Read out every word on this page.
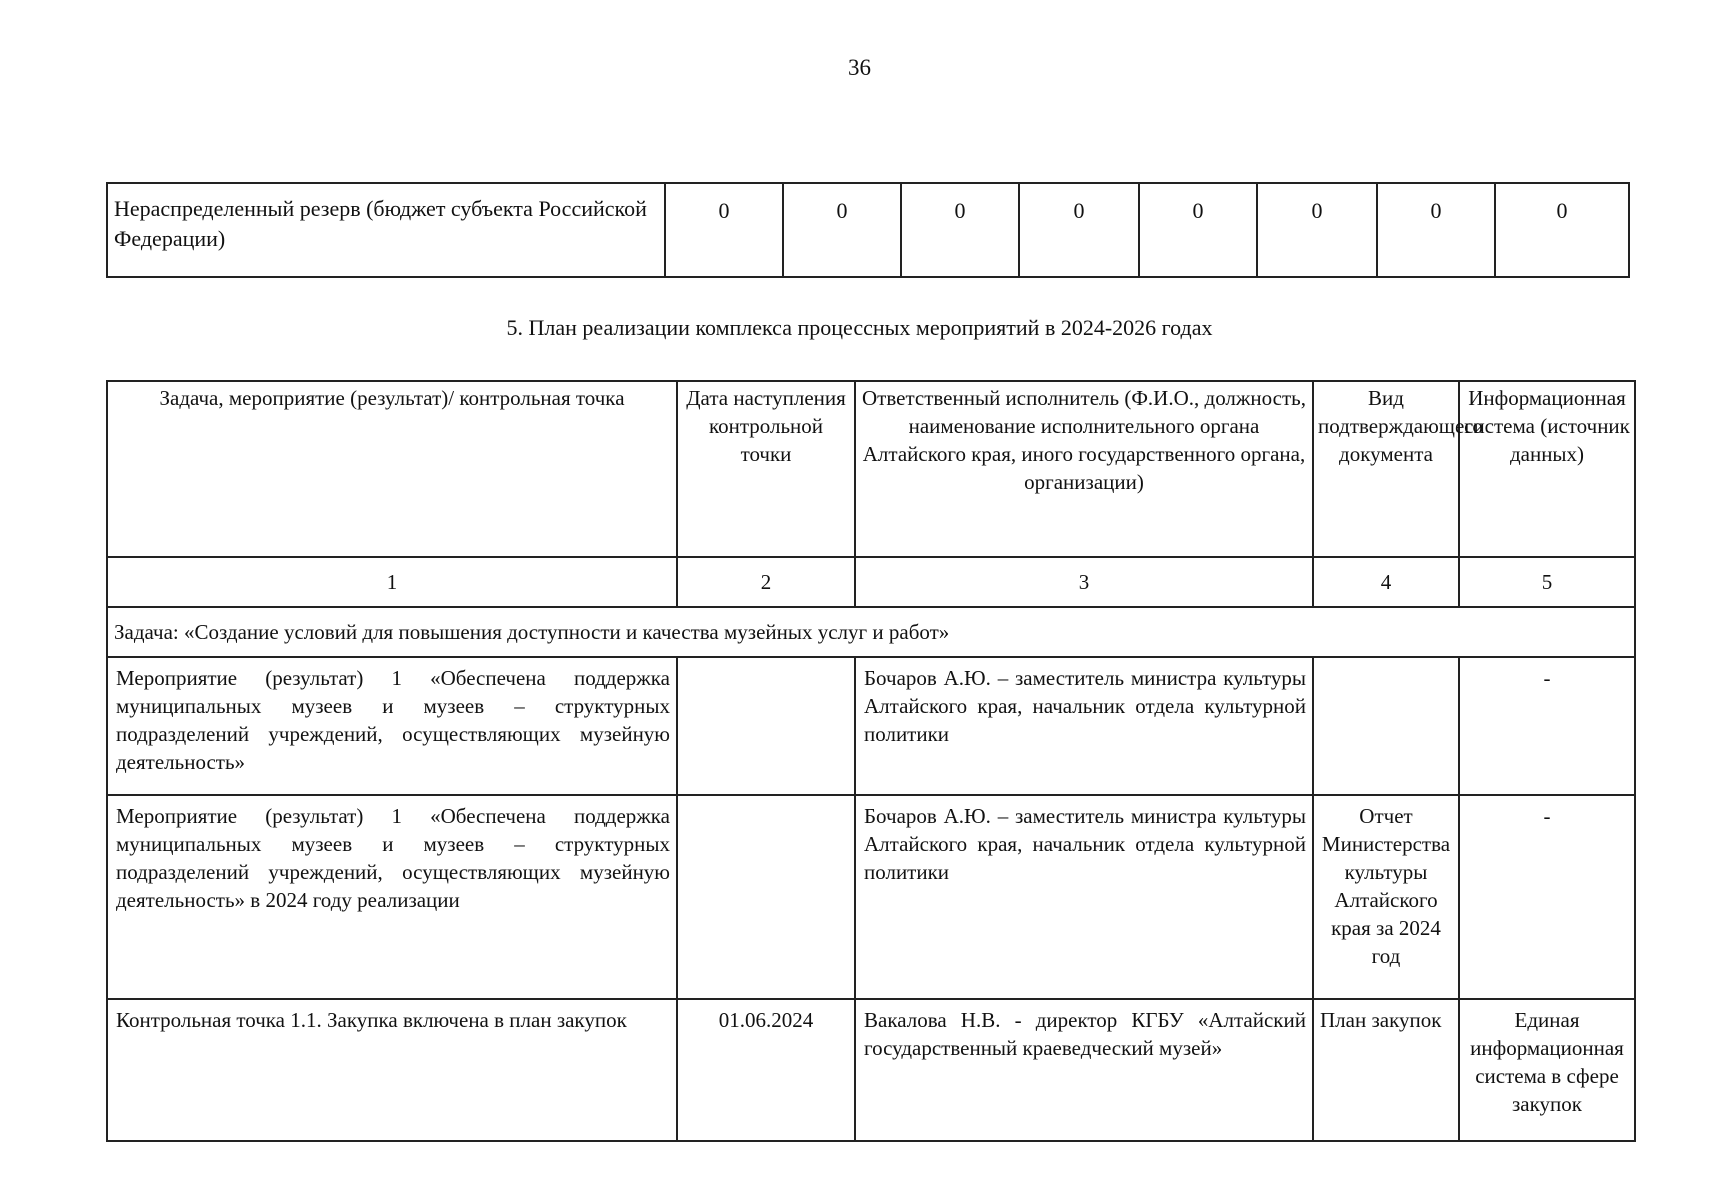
36
Нераспределенный резерв (бюджет субъекта Российской Федерации)	0	0	0	0	0	0	0	0
5. План реализации комплекса процессных мероприятий в 2024-2026 годах
Задача, мероприятие (результат)/ контрольная точка	Дата наступления контрольной точки	Ответственный исполнитель (Ф.И.О., должность, наименование исполнительного органа Алтайского края, иного государственного органа, организации)	Вид подтверждающего документа	Информационная система (источник данных)
1	2	3	4	5
Задача: «Создание условий для повышения доступности и качества музейных услуг и работ»				
Мероприятие (результат) 1 «Обеспечена поддержка муниципальных музеев и музеев – структурных подразделений учреждений, осуществляющих музейную деятельность»		Бочаров А.Ю. – заместитель министра культуры Алтайского края, начальник отдела культурной политики		-
Мероприятие (результат) 1 «Обеспечена поддержка муниципальных музеев и музеев – структурных подразделений учреждений, осуществляющих музейную деятельность» в 2024 году реализации		Бочаров А.Ю. – заместитель министра культуры Алтайского края, начальник отдела культурной политики	Отчет Министерства культуры Алтайского края за 2024 год	-
Контрольная точка 1.1. Закупка включена в план закупок	01.06.2024	Вакалова Н.В. - директор КГБУ «Алтайский государственный краеведческий музей»	План закупок	Единая информационная система в сфере закупок
